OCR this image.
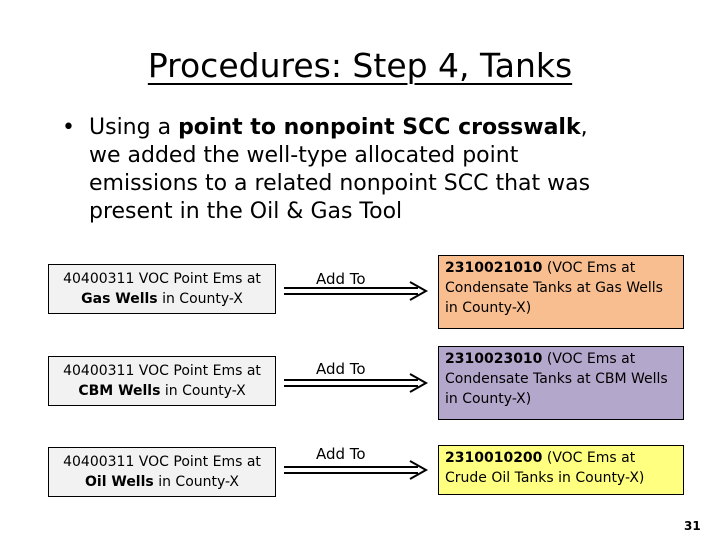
Procedures: Step 4, Tanks
• Using a point to nonpoint SCC crosswalk, we added the well-type allocated point emissions to a related nonpoint SCC that was present in the Oil & Gas Tool
40400311 VOC Point Ems at Gas Wells in County-X
Add To
2310021010 (VOC Ems at Condensate Tanks at Gas Wells in County-X)
40400311 VOC Point Ems at CBM Wells in County-X
Add To
2310023010 (VOC Ems at Condensate Tanks at CBM Wells in County-X)
40400311 VOC Point Ems at Oil Wells in County-X
Add To	2310010200 (VOC Ems at Crude Oil Tanks in County-X)
31
